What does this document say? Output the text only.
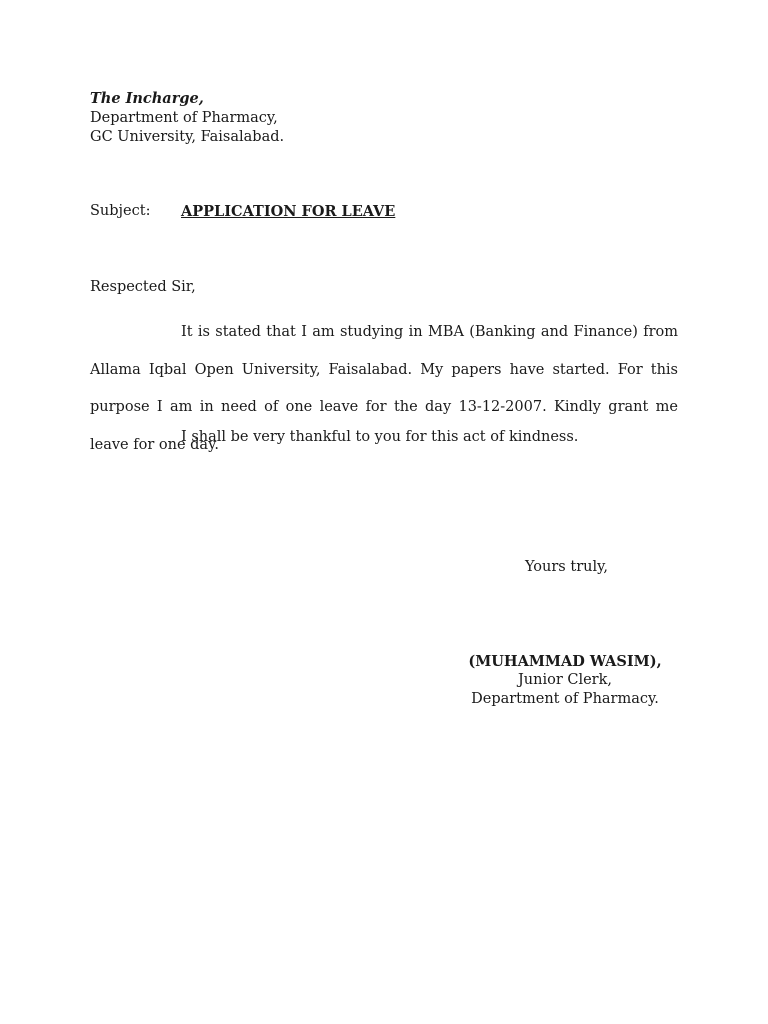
The Incharge,
Department of Pharmacy,
GC University, Faisalabad.
Subject: APPLICATION FOR LEAVE
Respected Sir,

It is stated that I am studying in MBA (Banking and Finance) from Allama Iqbal Open University, Faisalabad. My papers have started. For this purpose I am in need of one leave for the day 13-12-2007. Kindly grant me leave for one day.

I shall be very thankful to you for this act of kindness.
Yours truly,
(MUHAMMAD WASIM),
Junior Clerk,
Department of Pharmacy.
